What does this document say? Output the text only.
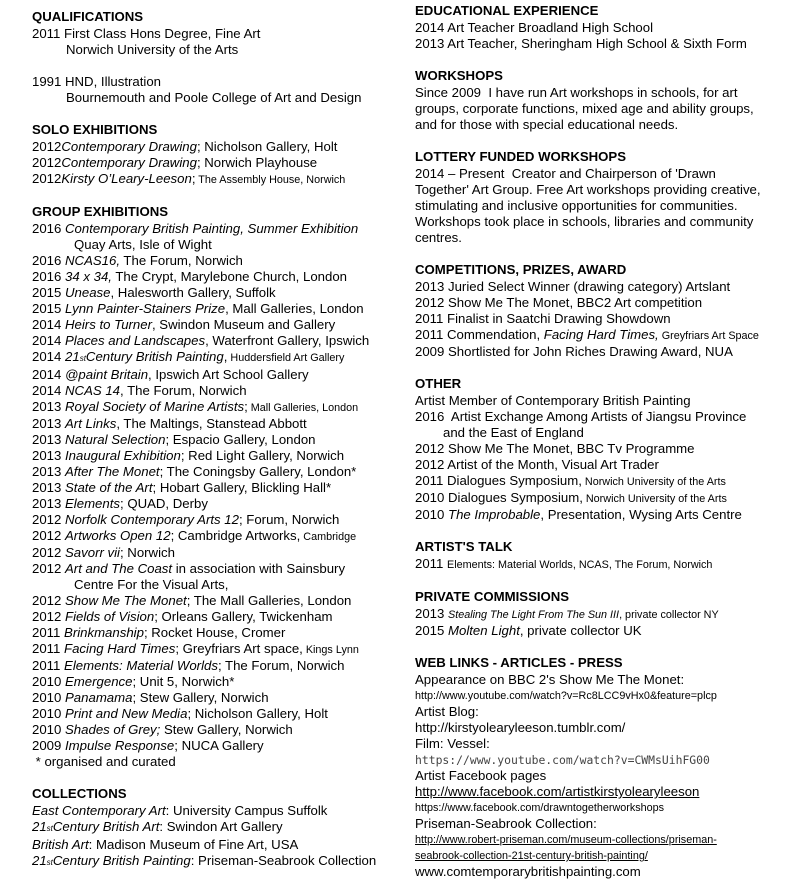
QUALIFICATIONS
2011 First Class Hons Degree, Fine Art
Norwich University of the Arts
1991 HND, Illustration
Bournemouth and Poole College of Art and Design
SOLO EXHIBITIONS
2012Contemporary Drawing; Nicholson Gallery, Holt
2012Contemporary Drawing; Norwich Playhouse
2012Kirsty O’Leary-Leeson; The Assembly House, Norwich
GROUP EXHIBITIONS
2016 Contemporary British Painting, Summer Exhibition
Quay Arts, Isle of Wight
2016 NCAS16, The Forum, Norwich
2016 34 x 34, The Crypt, Marylebone Church, London
2015 Unease, Halesworth Gallery, Suffolk
2015 Lynn Painter-Stainers Prize, Mall Galleries, London
2014 Heirs to Turner, Swindon Museum and Gallery
2014 Places and Landscapes, Waterfront Gallery, Ipswich
2014 21stCentury British Painting, Huddersfield Art Gallery
2014 @paint Britain, Ipswich Art School Gallery
2014 NCAS 14, The Forum, Norwich
2013 Royal Society of Marine Artists; Mall Galleries, London
2013 Art Links, The Maltings, Stanstead Abbott
2013 Natural Selection; Espacio Gallery, London
2013 Inaugural Exhibition; Red Light Gallery, Norwich
2013 After The Monet; The Coningsby Gallery, London*
2013 State of the Art; Hobart Gallery, Blickling Hall*
2013 Elements; QUAD, Derby
2012 Norfolk Contemporary Arts 12; Forum, Norwich
2012 Artworks Open 12; Cambridge Artworks, Cambridge
2012 Savorr vii; Norwich
2012 Art and The Coast in association with Sainsbury
Centre For the Visual Arts,
2012 Show Me The Monet; The Mall Galleries, London
2012 Fields of Vision; Orleans Gallery, Twickenham
2011 Brinkmanship; Rocket House, Cromer
2011 Facing Hard Times; Greyfriars Art space, Kings Lynn
2011 Elements: Material Worlds; The Forum, Norwich
2010 Emergence; Unit 5, Norwich*
2010 Panamama; Stew Gallery, Norwich
2010 Print and New Media; Nicholson Gallery, Holt
2010 Shades of Grey; Stew Gallery, Norwich
2009 Impulse Response; NUCA Gallery
* organised and curated
COLLECTIONS
East Contemporary Art: University Campus Suffolk
21stCentury British Art: Swindon Art Gallery
British Art: Madison Museum of Fine Art, USA
21stCentury British Painting: Priseman-Seabrook Collection
EDUCATIONAL EXPERIENCE
2014 Art Teacher Broadland High School
2013 Art Teacher, Sheringham High School & Sixth Form
WORKSHOPS
Since 2009  I have run Art workshops in schools, for art
groups, corporate functions, mixed age and ability groups,
and for those with special educational needs.
LOTTERY FUNDED WORKSHOPS
2014 – Present  Creator and Chairperson of 'Drawn
Together' Art Group. Free Art workshops providing creative,
stimulating and inclusive opportunities for communities.
Workshops took place in schools, libraries and community
centres.
COMPETITIONS, PRIZES, AWARD
2013 Juried Select Winner (drawing category) Artslant
2012 Show Me The Monet, BBC2 Art competition
2011 Finalist in Saatchi Drawing Showdown
2011 Commendation, Facing Hard Times, Greyfriars Art Space
2009 Shortlisted for John Riches Drawing Award, NUA
OTHER
Artist Member of Contemporary British Painting
2016  Artist Exchange Among Artists of Jiangsu Province
and the East of England
2012 Show Me The Monet, BBC Tv Programme
2012 Artist of the Month, Visual Art Trader
2011 Dialogues Symposium, Norwich University of the Arts
2010 Dialogues Symposium, Norwich University of the Arts
2010 The Improbable, Presentation, Wysing Arts Centre
ARTIST'S TALK
2011 Elements: Material Worlds, NCAS, The Forum, Norwich
PRIVATE COMMISSIONS
2013 Stealing The Light From The Sun III, private collector NY
2015 Molten Light, private collector UK
WEB LINKS - ARTICLES - PRESS
Appearance on BBC 2's Show Me The Monet:
http://www.youtube.com/watch?v=Rc8LCC9vHx0&feature=plcp
Artist Blog:
http://kirstyolearyleeson.tumblr.com/
Film: Vessel:
https://www.youtube.com/watch?v=CWMsUihFG00
Artist Facebook pages
http://www.facebook.com/artistkirstyolearyleeson
https://www.facebook.com/drawntogetherworkshops
Priseman-Seabrook Collection:
http://www.robert-priseman.com/museum-collections/priseman-
seabrook-collection-21st-century-british-painting/
www.comtemporarybritishpainting.com
